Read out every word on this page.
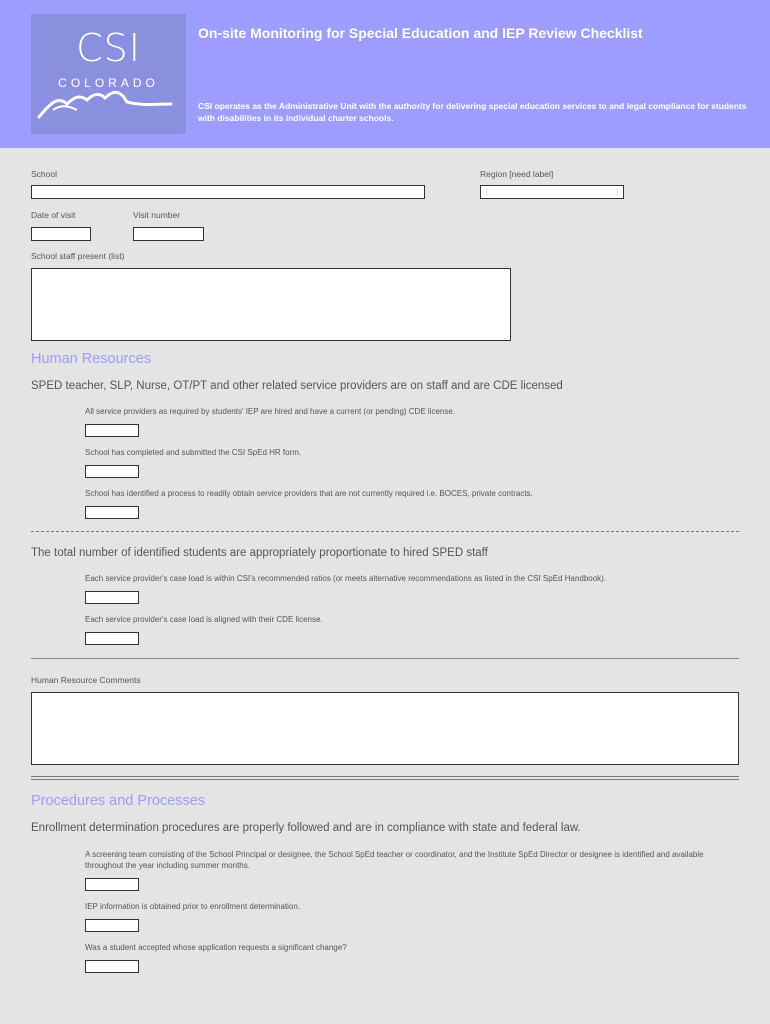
CSI
COLORADO
On-site Monitoring for Special Education and IEP Review Checklist
CSI operates as the Administrative Unit with the authority for delivering special education services to and legal compliance for students with disabilities in its individual charter schools.
School	Region [need label]
Date of visit	Visit number
School staff present (list)
Human Resources
SPED teacher, SLP, Nurse, OT/PT and other related service providers are on staff and are CDE licensed
All service providers as required by students' IEP are hired and have a current (or pending) CDE license.
School has completed and submitted the CSI SpEd HR form.
School has identified a process to readily obtain service providers that are not currently required i.e. BOCES, private contracts.
The total number of identified students are appropriately proportionate to hired SPED staff
Each service provider's case load is within CSI's recommended ratios (or meets alternative recommendations as listed in the CSI SpEd Handbook).
Each service provider's case load is aligned with their CDE license.
Human Resource Comments
Procedures and Processes
Enrollment determination procedures are properly followed and are in compliance with state and federal law.
A screening team consisting of the School Principal or designee, the School SpEd teacher or coordinator, and the Institute SpEd Director or designee is identified and available throughout the year including summer months.
IEP information is obtained prior to enrollment determination.
Was a student accepted whose application requests a significant change?
